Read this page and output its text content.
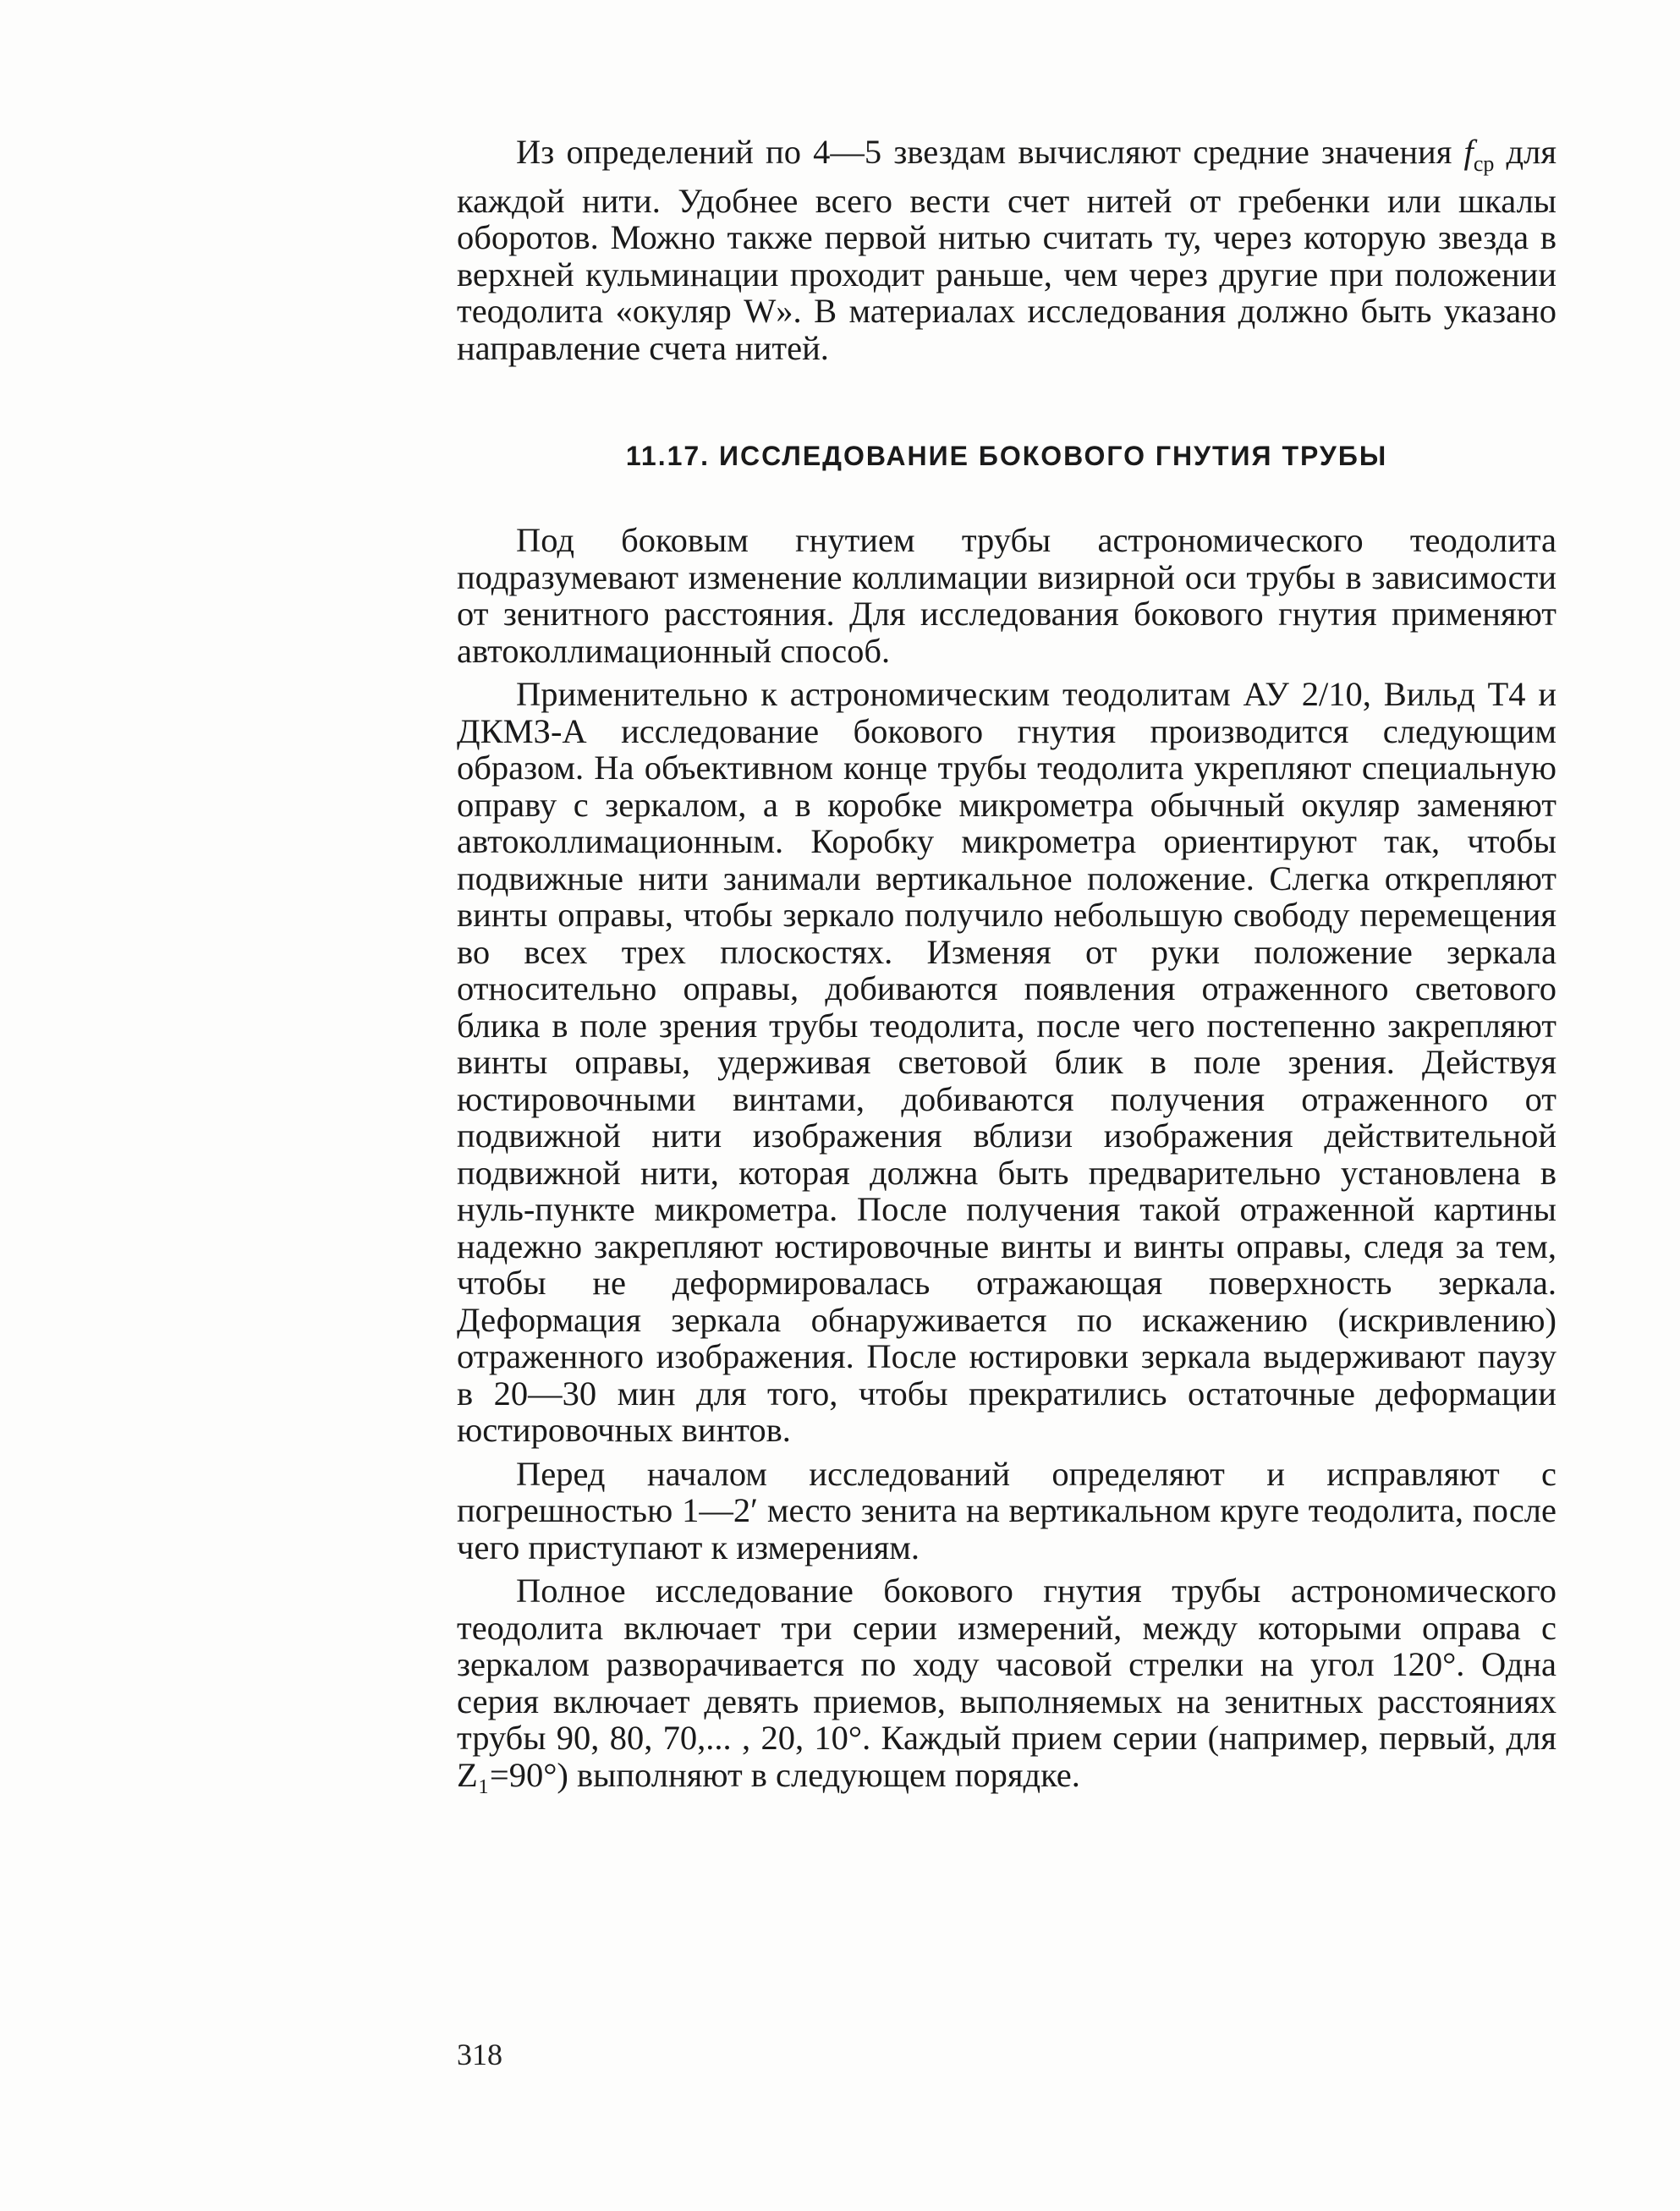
Из определений по 4—5 звездам вычисляют средние значения $f_{ср}$ для каждой нити. Удобнее всего вести счет нитей от гребенки или шкалы оборотов. Можно также первой нитью считать ту, через которую звезда в верхней кульминации проходит раньше, чем через другие при положении теодолита «окуляр W». В материалах исследования должно быть указано направление счета нитей.

11.17. ИССЛЕДОВАНИЕ БОКОВОГО ГНУТИЯ ТРУБЫ

Под боковым гнутием трубы астрономического теодолита подразумевают изменение коллимации визирной оси трубы в зависимости от зенитного расстояния. Для исследования бокового гнутия применяют автоколлимационный способ.

Применительно к астрономическим теодолитам АУ 2/10, Вильд Т4 и ДКМЗ-А исследование бокового гнутия производится следующим образом. На объективном конце трубы теодолита укрепляют специальную оправу с зеркалом, а в коробке микрометра обычный окуляр заменяют автоколлимационным. Коробку микрометра ориентируют так, чтобы подвижные нити занимали вертикальное положение. Слегка открепляют винты оправы, чтобы зеркало получило небольшую свободу перемещения во всех трех плоскостях. Изменяя от руки положение зеркала относительно оправы, добиваются появления отраженного светового блика в поле зрения трубы теодолита, после чего постепенно закрепляют винты оправы, удерживая световой блик в поле зрения. Действуя юстировочными винтами, добиваются получения отраженного от подвижной нити изображения вблизи изображения действительной подвижной нити, которая должна быть предварительно установлена в нуль-пункте микрометра. После получения такой отраженной картины надежно закрепляют юстировочные винты и винты оправы, следя за тем, чтобы не деформировалась отражающая поверхность зеркала. Деформация зеркала обнаруживается по искажению (искривлению) отраженного изображения. После юстировки зеркала выдерживают паузу в 20—30 мин для того, чтобы прекратились остаточные деформации юстировочных винтов.

Перед началом исследований определяют и исправляют с погрешностью 1—2′ место зенита на вертикальном круге теодолита, после чего приступают к измерениям.

Полное исследование бокового гнутия трубы астрономического теодолита включает три серии измерений, между которыми оправа с зеркалом разворачивается по ходу часовой стрелки на угол 120°. Одна серия включает девять приемов, выполняемых на зенитных расстояниях трубы 90, 80, 70,... , 20, 10°. Каждый прием серии (например, первый, для Z₁=90°) выполняют в следующем порядке.

318
